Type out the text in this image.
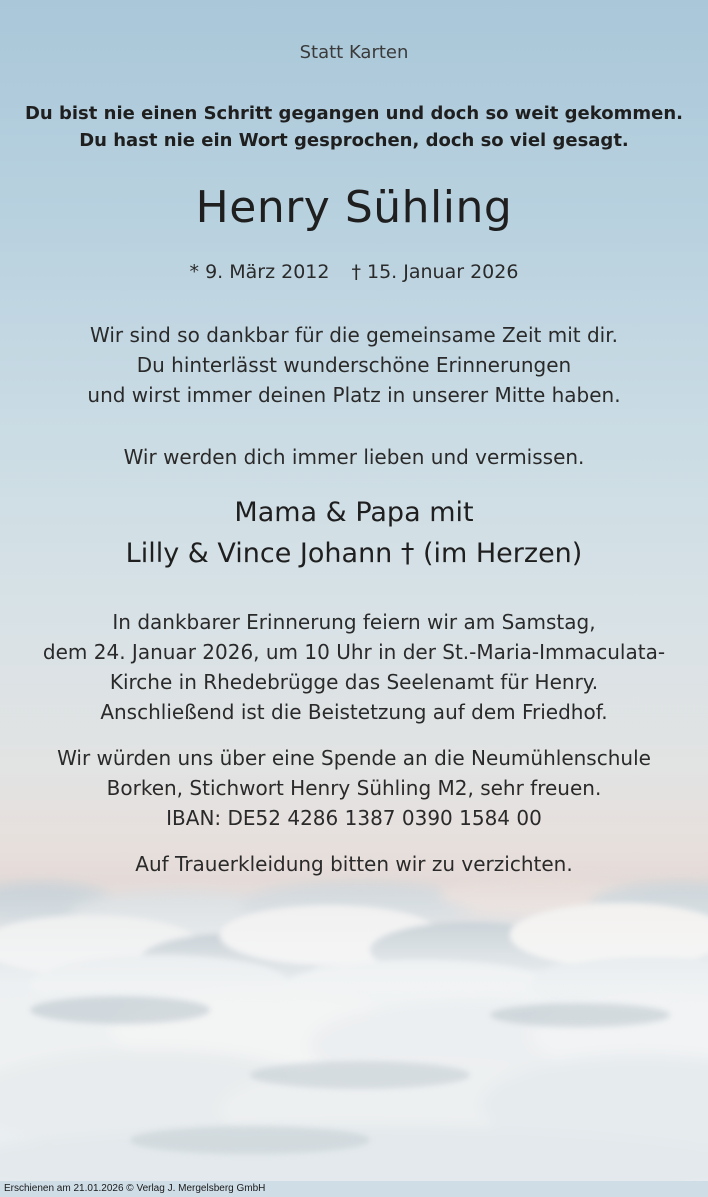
Statt Karten
Du bist nie einen Schritt gegangen und doch so weit gekommen.
Du hast nie ein Wort gesprochen, doch so viel gesagt.
Henry Sühling
* 9. März 2012 † 15. Januar 2026
Wir sind so dankbar für die gemeinsame Zeit mit dir.
Du hinterlässt wunderschöne Erinnerungen
und wirst immer deinen Platz in unserer Mitte haben.
Wir werden dich immer lieben und vermissen.
Mama & Papa mit
Lilly & Vince Johann † (im Herzen)
In dankbarer Erinnerung feiern wir am Samstag,
dem 24. Januar 2026, um 10 Uhr in der St.-Maria-Immaculata-
Kirche in Rhedebrügge das Seelenamt für Henry.
Anschließend ist die Beistetzung auf dem Friedhof.
Wir würden uns über eine Spende an die Neumühlenschule
Borken, Stichwort Henry Sühling M2, sehr freuen.
IBAN: DE52 4286 1387 0390 1584 00
Auf Trauerkleidung bitten wir zu verzichten.
Erschienen am 21.01.2026 © Verlag J. Mergelsberg GmbH
